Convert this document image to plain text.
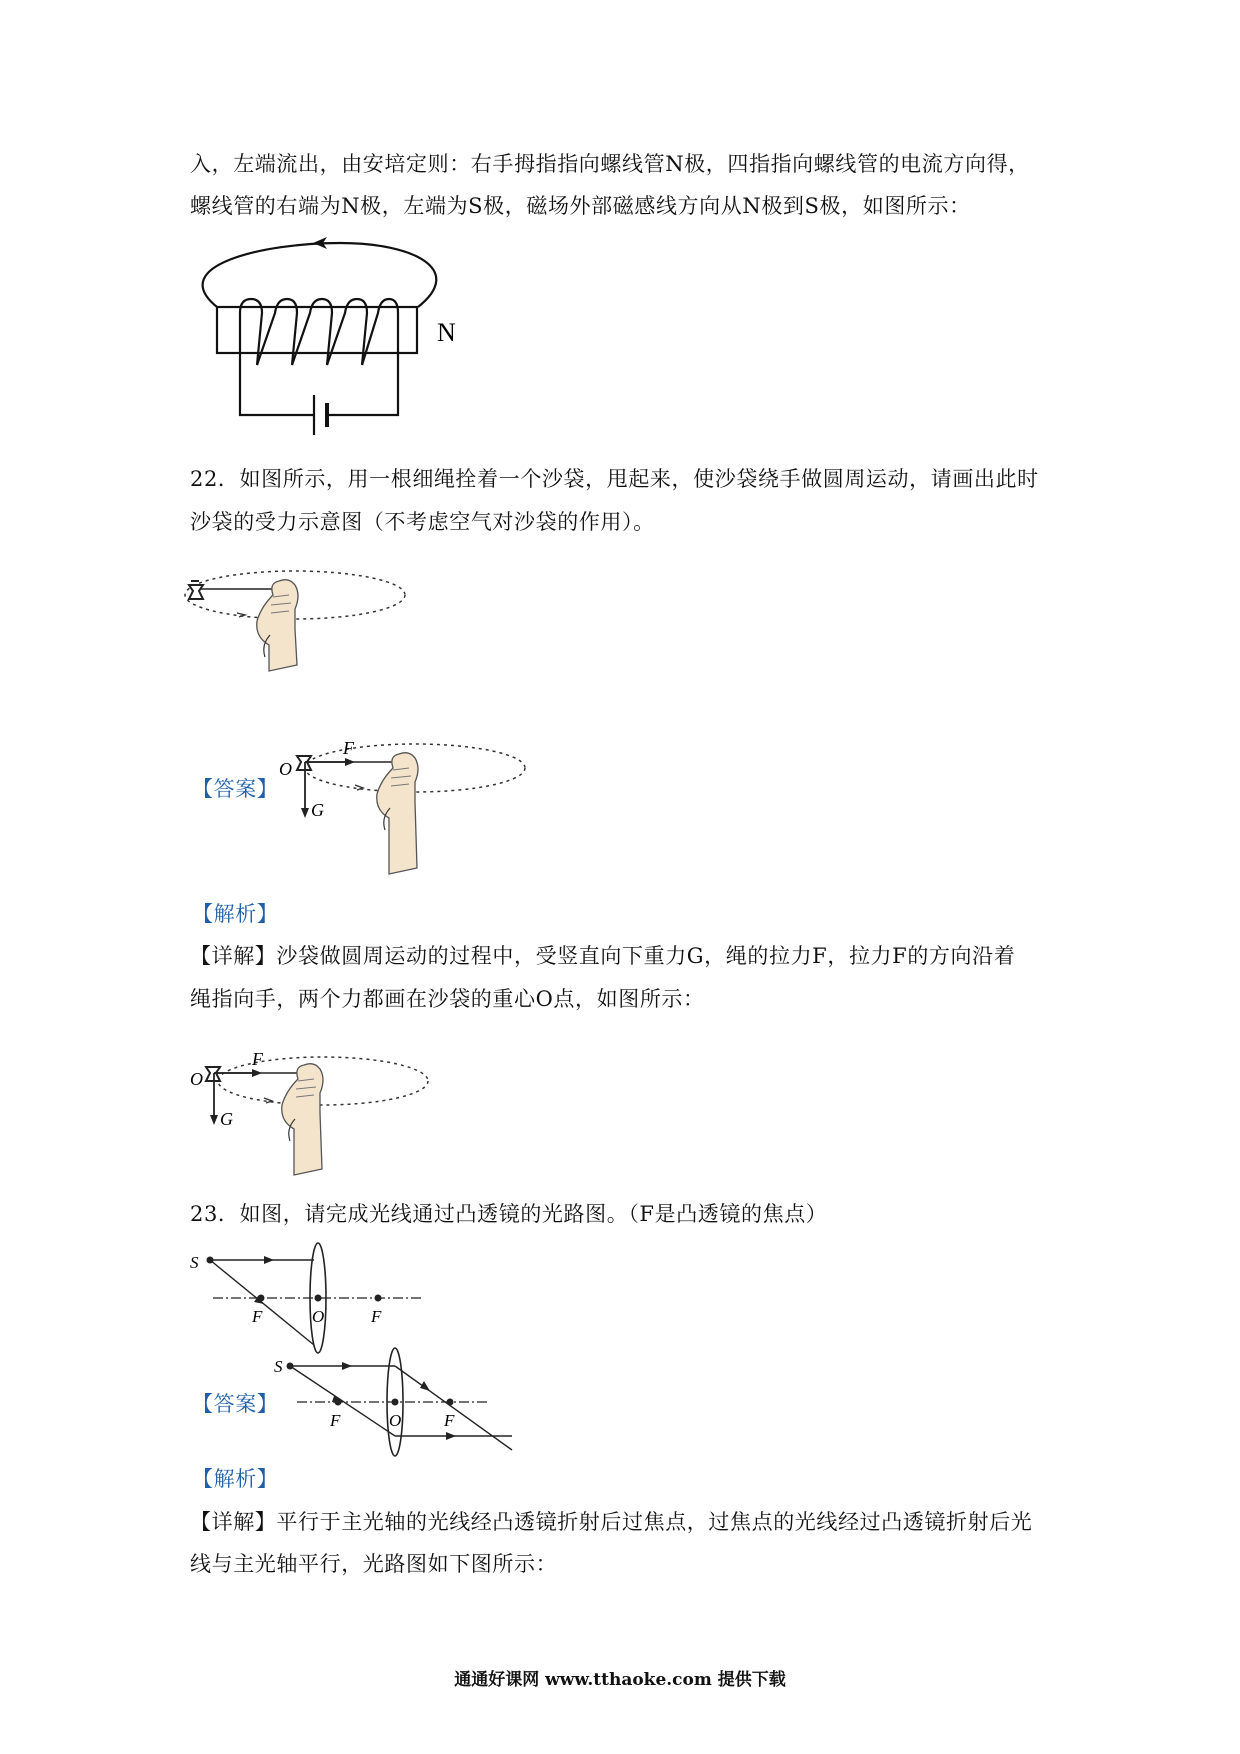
入，左端流出，由安培定则：右手拇指指向螺线管N极，四指指向螺线管的电流方向得，
螺线管的右端为N极，左端为S极，磁场外部磁感线方向从N极到S极，如图所示：
N
22．如图所示，用一根细绳拴着一个沙袋，甩起来，使沙袋绕手做圆周运动，请画出此时
沙袋的受力示意图（不考虑空气对沙袋的作用）。
【答案】
O
F
G
【解析】
【详解】沙袋做圆周运动的过程中，受竖直向下重力G，绳的拉力F，拉力F的方向沿着
绳指向手，两个力都画在沙袋的重心O点，如图所示：
O
F
G
23．如图，请完成光线通过凸透镜的光路图。（F是凸透镜的焦点）
S
F	O	F
【答案】
S
F	O	F
【解析】
【详解】平行于主光轴的光线经凸透镜折射后过焦点，过焦点的光线经过凸透镜折射后光
线与主光轴平行，光路图如下图所示：
通通好课网 www.tthaoke.com 提供下载
